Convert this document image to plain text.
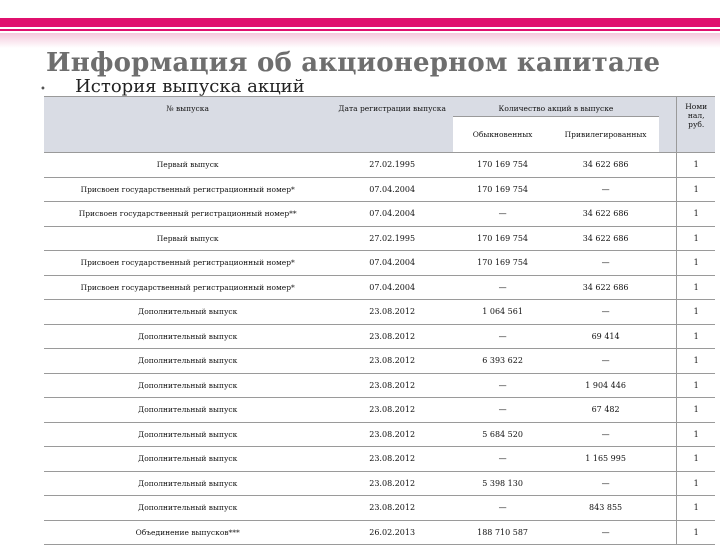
Информация об акционерном капитале
• История выпуска акций
№ выпуска	Дата регистрации выпуска	Количество акций в выпуске			Номи нал, руб.
		Обыкновенных	Привилегированных		
Первый выпуск	27.02.1995	170 169 754	34 622 686		1
Присвоен государственный регистрационный номер*	07.04.2004	170 169 754	—		1
Присвоен государственный регистрационный номер**	07.04.2004	—	34 622 686		1
Первый выпуск	27.02.1995	170 169 754	34 622 686		1
Присвоен государственный регистрационный номер*	07.04.2004	170 169 754	—		1
Присвоен государственный регистрационный номер*	07.04.2004	—	34 622 686		1
Дополнительный выпуск	23.08.2012	1 064 561	—		1
Дополнительный выпуск	23.08.2012	—	69 414		1
Дополнительный выпуск	23.08.2012	6 393 622	—		1
Дополнительный выпуск	23.08.2012	—	1 904 446		1
Дополнительный выпуск	23.08.2012	—	67 482		1
Дополнительный выпуск	23.08.2012	5 684 520	—		1
Дополнительный выпуск	23.08.2012	—	1 165 995		1
Дополнительный выпуск	23.08.2012	5 398 130	—		1
Дополнительный выпуск	23.08.2012	—	843 855		1
Объединение выпусков***	26.02.2013	188 710 587	—		1
